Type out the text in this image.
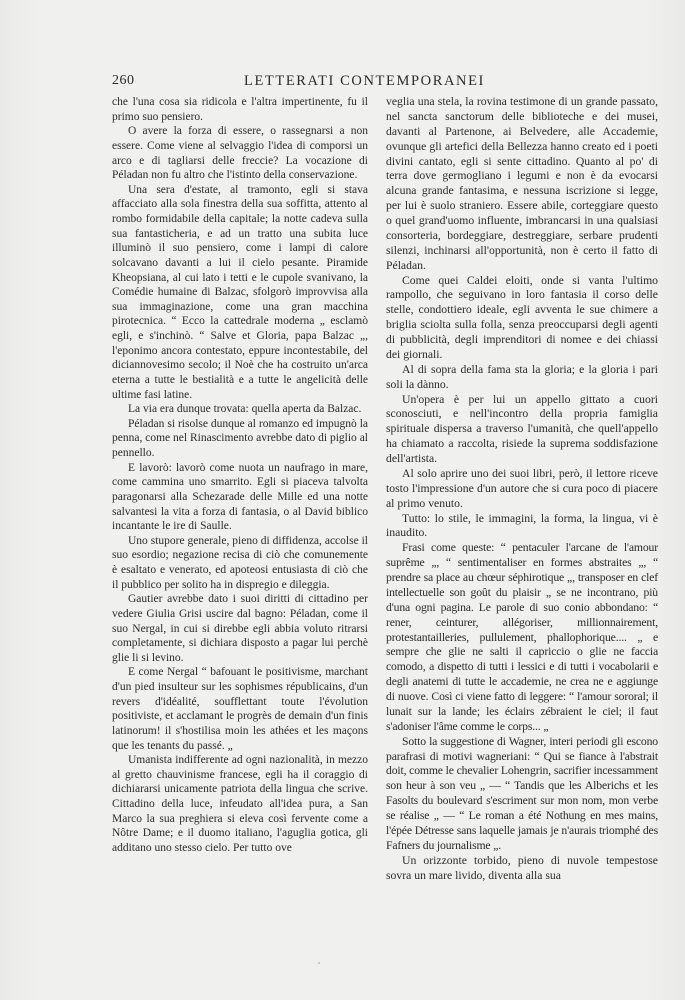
260	LETTERATI CONTEMPORANEI

che l'una cosa sia ridicola e l'altra impertinente, fu il primo suo pensiero.

O avere la forza di essere, o rassegnarsi a non essere. Come viene al selvaggio l'idea di comporsi un arco e di tagliarsi delle freccie? La vocazione di Péladan non fu altro che l'istinto della conservazione.

Una sera d'estate, al tramonto, egli si stava affacciato alla sola finestra della sua soffitta, attento al rombo formidabile della capitale; la notte cadeva sulla sua fantasticheria, e ad un tratto una subita luce illuminò il suo pensiero, come i lampi di calore solcavano davanti a lui il cielo pesante. Piramide Kheopsiana, al cui lato i tetti e le cupole svanivano, la Comédie humaine di Balzac, sfolgorò improvvisa alla sua immaginazione, come una gran macchina pirotecnica. “ Ecco la cattedrale moderna „ esclamò egli, e s'inchinò. “ Salve et Gloria, papa Balzac „, l'eponimo ancora contestato, eppure incontestabile, del diciannovesimo secolo; il Noè che ha costruito un'arca eterna a tutte le bestialità e a tutte le angelicità delle ultime fasi latine.

La via era dunque trovata: quella aperta da Balzac.

Péladan si risolse dunque al romanzo ed impugnò la penna, come nel Rinascimento avrebbe dato di piglio al pennello.

E lavorò: lavorò come nuota un naufrago in mare, come cammina uno smarrito. Egli si piaceva talvolta paragonarsi alla Schezarade delle Mille ed una notte salvantesi la vita a forza di fantasia, o al David biblico incantante le ire di Saulle.

Uno stupore generale, pieno di diffidenza, accolse il suo esordio; negazione recisa di ciò che comunemente è esaltato e venerato, ed apoteosi entusiasta di ciò che il pubblico per solito ha in dispregio e dileggia.

Gautier avrebbe dato i suoi diritti di cittadino per vedere Giulia Grisi uscire dal bagno: Péladan, come il suo Nergal, in cui si direbbe egli abbia voluto ritrarsi completamente, si dichiara disposto a pagar lui perchè glie li si levino.

E come Nergal “ bafouant le positivisme, marchant d'un pied insulteur sur les sophismes républicains, d'un revers d'idéalité, soufflettant toute l'évolution positiviste, et acclamant le progrès de demain d'un finis latinorum! il s'hostilisa moin les athées et les maçons que les tenants du passé. „

Umanista indifferente ad ogni nazionalità, in mezzo al gretto chauvinisme francese, egli ha il coraggio di dichiararsi unicamente patriota della lingua che scrive. Cittadino della luce, infeudato all'idea pura, a San Marco la sua preghiera si eleva così fervente come a Nôtre Dame; e il duomo italiano, l'aguglia gotica, gli additano uno stesso cielo. Per tutto ove

veglia una stela, la rovina testimone di un grande passato, nel sancta sanctorum delle biblioteche e dei musei, davanti al Partenone, ai Belvedere, alle Accademie, ovunque gli artefici della Bellezza hanno creato ed i poeti divini cantato, egli si sente cittadino. Quanto al po' di terra dove germogliano i legumi e non è da evocarsi alcuna grande fantasima, e nessuna iscrizione si legge, per lui è suolo straniero. Essere abile, corteggiare questo o quel grand'uomo influente, imbrancarsi in una qualsiasi consorteria, bordeggiare, destreggiare, serbare prudenti silenzi, inchinarsi all'opportunità, non è certo il fatto di Péladan.

Come quei Caldei eloiti, onde si vanta l'ultimo rampollo, che seguivano in loro fantasia il corso delle stelle, condottiero ideale, egli avventa le sue chimere a briglia sciolta sulla folla, senza preoccuparsi degli agenti di pubblicità, degli imprenditori di nomee e dei chiassi dei giornali.

Al di sopra della fama sta la gloria; e la gloria i pari soli la dànno.

Un'opera è per lui un appello gittato a cuori sconosciuti, e nell'incontro della propria famiglia spirituale dispersa a traverso l'umanità, che quell'appello ha chiamato a raccolta, risiede la suprema soddisfazione dell'artista.

Al solo aprire uno dei suoi libri, però, il lettore riceve tosto l'impressione d'un autore che si cura poco di piacere al primo venuto.

Tutto: lo stile, le immagini, la forma, la lingua, vi è inaudito.

Frasi come queste: “ pentaculer l'arcane de l'amour suprême „, “ sentimentaliser en formes abstraites „, “ prendre sa place au chœur séphirotique „, transposer en clef intellectuelle son goût du plaisir „ se ne incontrano, più d'una ogni pagina. Le parole di suo conio abbondano: “ rener, ceinturer, allégoriser, millionnairement, protestantailleries, pullulement, phallophorique.... „ e sempre che glie ne salti il capriccio o glie ne faccia comodo, a dispetto di tutti i lessici e di tutti i vocabolarii e degli anatemi di tutte le accademie, ne crea ne e aggiunge di nuove. Così ci viene fatto di leggere: “ l'amour sororal; il lunait sur la lande; les éclairs zébraient le ciel; il faut s'adoniser l'âme comme le corps... „

Sotto la suggestione di Wagner, interi periodi gli escono parafrasi di motivi wagneriani: “ Qui se fiance à l'abstrait doit, comme le chevalier Lohengrin, sacrifier incessamment son heur à son veu „ — “ Tandis que les Alberichs et les Fasolts du boulevard s'escriment sur mon nom, mon verbe se réalise „ — “ Le roman a été Nothung en mes mains, l'épée Détresse sans laquelle jamais je n'aurais triomphé des Fafners du journalisme „.

Un orizzonte torbido, pieno di nuvole tempestose sovra un mare livido, diventa alla sua
